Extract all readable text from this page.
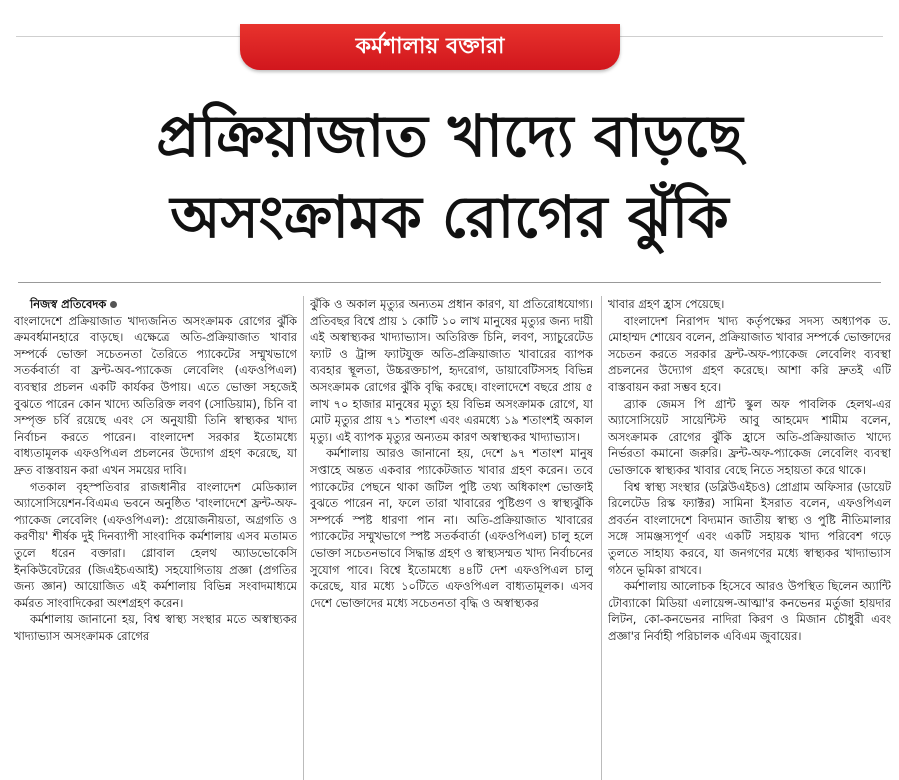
কর্মশালায় বক্তারা
প্রক্রিয়াজাত খাদ্যে বাড়ছে
অসংক্রামক রোগের ঝুঁকি

নিজস্ব প্রতিবেদক

বাংলাদেশে প্রক্রিয়াজাত খাদ্যজনিত অসংক্রামক রোগের ঝুঁকি ক্রমবর্ধমানহারে বাড়ছে। এক্ষেত্রে অতি-প্রক্রিয়াজাত খাবার সম্পর্কে ভোক্তা সচেতনতা তৈরিতে প্যাকেটের সম্মুখভাগে সতর্কবার্তা বা ফ্রন্ট-অব-প্যাকেজ লেবেলিং (এফওপিএল) ব্যবস্থার প্রচলন একটি কার্যকর উপায়। এতে ভোক্তা সহজেই বুঝতে পারেন কোন খাদ্যে অতিরিক্ত লবণ (সোডিয়াম), চিনি বা সম্পৃক্ত চর্বি রয়েছে এবং সে অনুযায়ী তিনি স্বাস্থ্যকর খাদ্য নির্বাচন করতে পারেন। বাংলাদেশ সরকার ইতোমধ্যে বাধ্যতামূলক এফওপিএল প্রচলনের উদ্যোগ গ্রহণ করেছে, যা দ্রুত বাস্তবায়ন করা এখন সময়ের দাবি।

গতকাল বৃহস্পতিবার রাজধানীর বাংলাদেশ মেডিক্যাল অ্যাসোসিয়েশন-বিএমএ ভবনে অনুষ্ঠিত 'বাংলাদেশে ফ্রন্ট-অফ-প্যাকেজ লেবেলিং (এফওপিএল): প্রয়োজনীয়তা, অগ্রগতি ও করণীয়' শীর্ষক দুই দিনব্যাপী সাংবাদিক কর্মশালায় এসব মতামত তুলে ধরেন বক্তারা। গ্লোবাল হেলথ অ্যাডভোকেসি ইনকিউবেটরের (জিএইচএআই) সহযোগিতায় প্রজ্ঞা (প্রগতির জন্য জ্ঞান) আয়োজিত এই কর্মশালায় বিভিন্ন সংবাদমাধ্যমে কর্মরত সাংবাদিকেরা অংশগ্রহণ করেন।

কর্মশালায় জানানো হয়, বিশ্ব স্বাস্থ্য সংস্থার মতে অস্বাস্থ্যকর খাদ্যাভ্যাস অসংক্রামক রোগের

ঝুঁকি ও অকাল মৃত্যুর অন্যতম প্রধান কারণ, যা প্রতিরোধযোগ্য। প্রতিবছর বিশ্বে প্রায় ১ কোটি ১০ লাখ মানুষের মৃত্যুর জন্য দায়ী এই অস্বাস্থ্যকর খাদ্যাভ্যাস। অতিরিক্ত চিনি, লবণ, স্যাচুরেটেড ফ্যাট ও ট্রান্স ফ্যাটযুক্ত অতি-প্রক্রিয়াজাত খাবারের ব্যাপক ব্যবহার স্থূলতা, উচ্চরক্তচাপ, হৃদরোগ, ডায়াবেটিসসহ বিভিন্ন অসংক্রামক রোগের ঝুঁকি বৃদ্ধি করছে। বাংলাদেশে বছরে প্রায় ৫ লাখ ৭০ হাজার মানুষের মৃত্যু হয় বিভিন্ন অসংক্রামক রোগে, যা মোট মৃত্যুর প্রায় ৭১ শতাংশ এবং এরমধ্যে ১৯ শতাংশই অকাল মৃত্যু। এই ব্যাপক মৃত্যুর অন্যতম কারণ অস্বাস্থ্যকর খাদ্যাভ্যাস।

কর্মশালায় আরও জানানো হয়, দেশে ৯৭ শতাংশ মানুষ সপ্তাহে অন্তত একবার প্যাকেটজাত খাবার গ্রহণ করেন। তবে প্যাকেটের পেছনে থাকা জটিল পুষ্টি তথ্য অধিকাংশ ভোক্তাই বুঝতে পারেন না, ফলে তারা খাবারের পুষ্টিগুণ ও স্বাস্থ্যঝুঁকি সম্পর্কে স্পষ্ট ধারণা পান না। অতি-প্রক্রিয়াজাত খাবারের প্যাকেটের সম্মুখভাগে স্পষ্ট সতর্কবার্তা (এফওপিএল) চালু হলে ভোক্তা সচেতনভাবে সিদ্ধান্ত গ্রহণ ও স্বাস্থ্যসম্মত খাদ্য নির্বাচনের সুযোগ পাবে। বিশ্বে ইতোমধ্যে ৪৪টি দেশ এফওপিএল চালু করেছে, যার মধ্যে ১০টিতে এফওপিএল বাধ্যতামূলক। এসব দেশে ভোক্তাদের মধ্যে সচেতনতা বৃদ্ধি ও অস্বাস্থ্যকর

খাবার গ্রহণ হ্রাস পেয়েছে।

বাংলাদেশ নিরাপদ খাদ্য কর্তৃপক্ষের সদস্য অধ্যাপক ড. মোহাম্মদ শোয়েব বলেন, প্রক্রিয়াজাত খাবার সম্পর্কে ভোক্তাদের সচেতন করতে সরকার ফ্রন্ট-অফ-প্যাকেজ লেবেলিং ব্যবস্থা প্রচলনের উদ্যোগ গ্রহণ করেছে। আশা করি দ্রুতই এটি বাস্তবায়ন করা সম্ভব হবে।

ব্র্যাক জেমস পি গ্রান্ট স্কুল অফ পাবলিক হেলথ-এর অ্যাসোসিয়েট সায়েন্টিস্ট আবু আহমেদ শামীম বলেন, অসংক্রামক রোগের ঝুঁকি হ্রাসে অতি-প্রক্রিয়াজাত খাদ্যে নির্ভরতা কমানো জরুরি। ফ্রন্ট-অফ-প্যাকেজ লেবেলিং ব্যবস্থা ভোক্তাকে স্বাস্থ্যকর খাবার বেছে নিতে সহায়তা করে থাকে।

বিশ্ব স্বাস্থ্য সংস্থার (ডব্লিউএইচও) প্রোগ্রাম অফিসার (ডায়েট রিলেটেড রিস্ক ফ্যাক্টর) সামিনা ইসরাত বলেন, এফওপিএল প্রবর্তন বাংলাদেশে বিদ্যমান জাতীয় স্বাস্থ্য ও পুষ্টি নীতিমালার সঙ্গে সামঞ্জস্যপূর্ণ এবং একটি সহায়ক খাদ্য পরিবেশ গড়ে তুলতে সাহায্য করবে, যা জনগণের মধ্যে স্বাস্থ্যকর খাদ্যাভ্যাস গঠনে ভূমিকা রাখবে।

কর্মশালায় আলোচক হিসেবে আরও উপস্থিত ছিলেন অ্যান্টি টোব্যাকো মিডিয়া এলায়েন্স-আত্মা'র কনভেনর মর্তুজা হায়দার লিটন, কো-কনভেনর নাদিরা কিরণ ও মিজান চৌধুরী এবং প্রজ্ঞা'র নির্বাহী পরিচালক এবিএম জুবায়ের।
